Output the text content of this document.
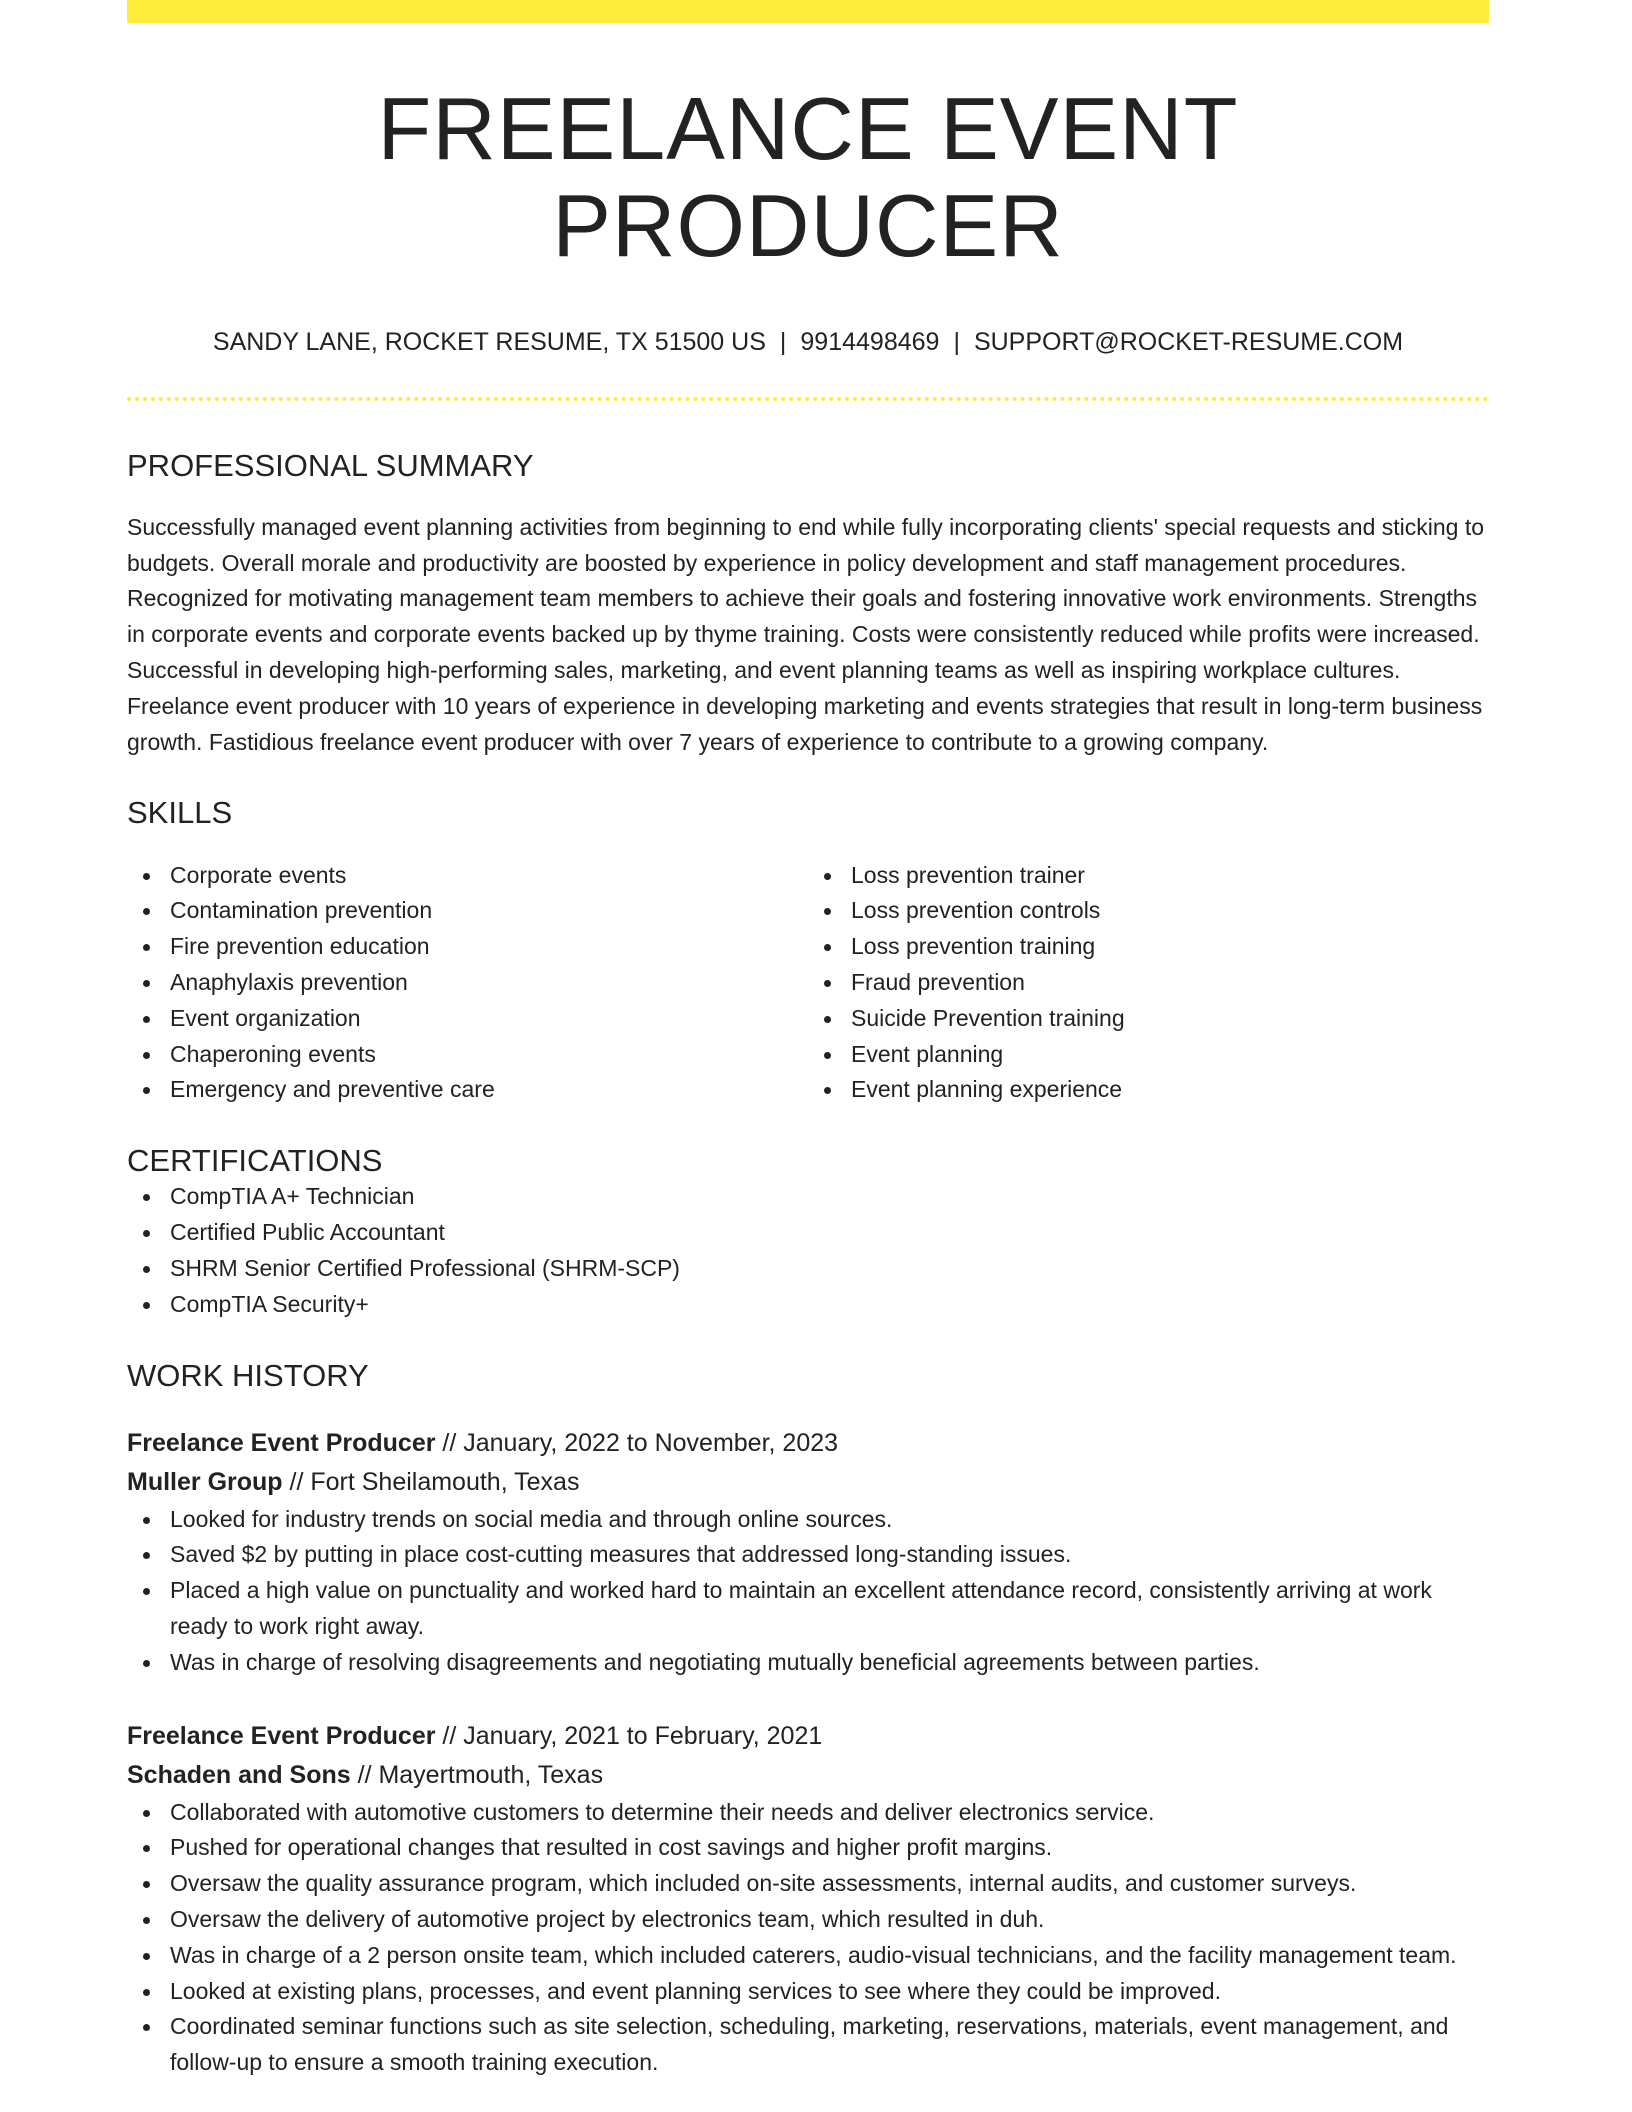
FREELANCE EVENT PRODUCER
SANDY LANE, ROCKET RESUME, TX 51500 US | 9914498469 | SUPPORT@ROCKET-RESUME.COM
PROFESSIONAL SUMMARY
Successfully managed event planning activities from beginning to end while fully incorporating clients' special requests and sticking to budgets. Overall morale and productivity are boosted by experience in policy development and staff management procedures. Recognized for motivating management team members to achieve their goals and fostering innovative work environments. Strengths in corporate events and corporate events backed up by thyme training. Costs were consistently reduced while profits were increased. Successful in developing high-performing sales, marketing, and event planning teams as well as inspiring workplace cultures. Freelance event producer with 10 years of experience in developing marketing and events strategies that result in long-term business growth. Fastidious freelance event producer with over 7 years of experience to contribute to a growing company.
SKILLS
Corporate events
Contamination prevention
Fire prevention education
Anaphylaxis prevention
Event organization
Chaperoning events
Emergency and preventive care
Loss prevention trainer
Loss prevention controls
Loss prevention training
Fraud prevention
Suicide Prevention training
Event planning
Event planning experience
CERTIFICATIONS
CompTIA A+ Technician
Certified Public Accountant
SHRM Senior Certified Professional (SHRM-SCP)
CompTIA Security+
WORK HISTORY
Freelance Event Producer // January, 2022 to November, 2023
Muller Group // Fort Sheilamouth, Texas
Looked for industry trends on social media and through online sources.
Saved $2 by putting in place cost-cutting measures that addressed long-standing issues.
Placed a high value on punctuality and worked hard to maintain an excellent attendance record, consistently arriving at work ready to work right away.
Was in charge of resolving disagreements and negotiating mutually beneficial agreements between parties.
Freelance Event Producer // January, 2021 to February, 2021
Schaden and Sons // Mayertmouth, Texas
Collaborated with automotive customers to determine their needs and deliver electronics service.
Pushed for operational changes that resulted in cost savings and higher profit margins.
Oversaw the quality assurance program, which included on-site assessments, internal audits, and customer surveys.
Oversaw the delivery of automotive project by electronics team, which resulted in duh.
Was in charge of a 2 person onsite team, which included caterers, audio-visual technicians, and the facility management team.
Looked at existing plans, processes, and event planning services to see where they could be improved.
Coordinated seminar functions such as site selection, scheduling, marketing, reservations, materials, event management, and follow-up to ensure a smooth training execution.
